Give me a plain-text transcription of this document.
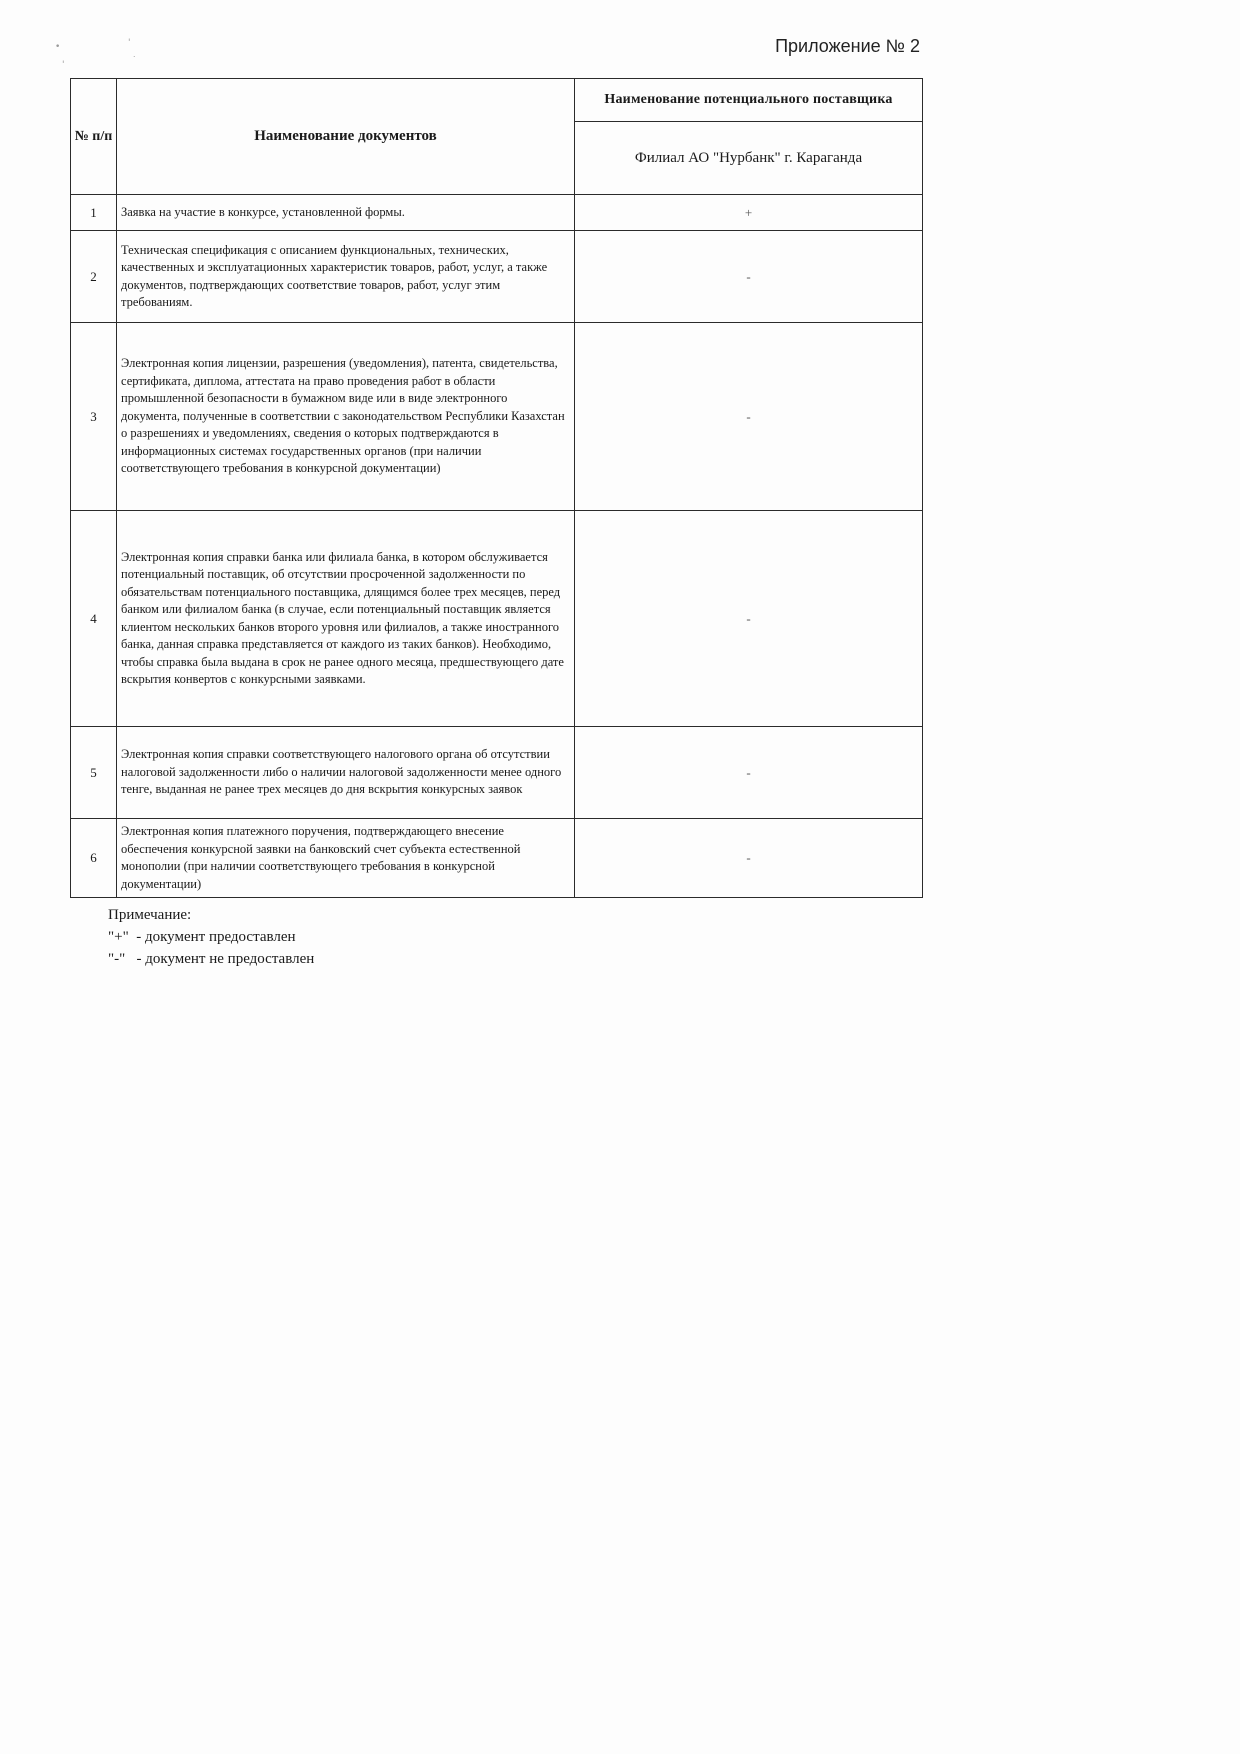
•	'
'	˙
Приложение № 2
№ п/п	Наименование документов	Наименование потенциального поставщика
		Филиал АО "Нурбанк" г. Караганда
1	Заявка на участие в конкурсе, установленной формы.	+
2	Техническая спецификация с описанием функциональных, технических, качественных и эксплуатационных характеристик товаров, работ, услуг, а также документов, подтверждающих соответствие товаров, работ, услуг этим требованиям.	-
3	Электронная копия лицензии, разрешения (уведомления), патента, свидетельства, сертификата, диплома, аттестата на право проведения работ в области промышленной безопасности в бумажном виде или в виде электронного документа, полученные в соответствии с законодательством Республики Казахстан о разрешениях и уведомлениях, сведения о которых подтверждаются в информационных системах государственных органов (при наличии соответствующего требования в конкурсной документации)	-
4	Электронная копия справки банка или филиала банка, в котором обслуживается потенциальный поставщик, об отсутствии просроченной задолженности по обязательствам потенциального поставщика, длящимся более трех месяцев, перед банком или филиалом банка (в случае, если потенциальный поставщик является клиентом нескольких банков второго уровня или филиалов, а также иностранного банка, данная справка представляется от каждого из таких банков). Необходимо, чтобы справка была выдана в срок не ранее одного месяца, предшествующего дате вскрытия конвертов с конкурсными заявками.	-
5	Электронная копия справки соответствующего налогового органа об отсутствии налоговой задолженности либо о наличии налоговой задолженности менее одного тенге, выданная не ранее трех месяцев до дня вскрытия конкурсных заявок	-
6	Электронная копия платежного поручения, подтверждающего внесение обеспечения конкурсной заявки на банковский счет субъекта естественной монополии (при наличии соответствующего требования в конкурсной документации)	-
Примечание:
"+"  - документ предоставлен
"-"   - документ не предоставлен
